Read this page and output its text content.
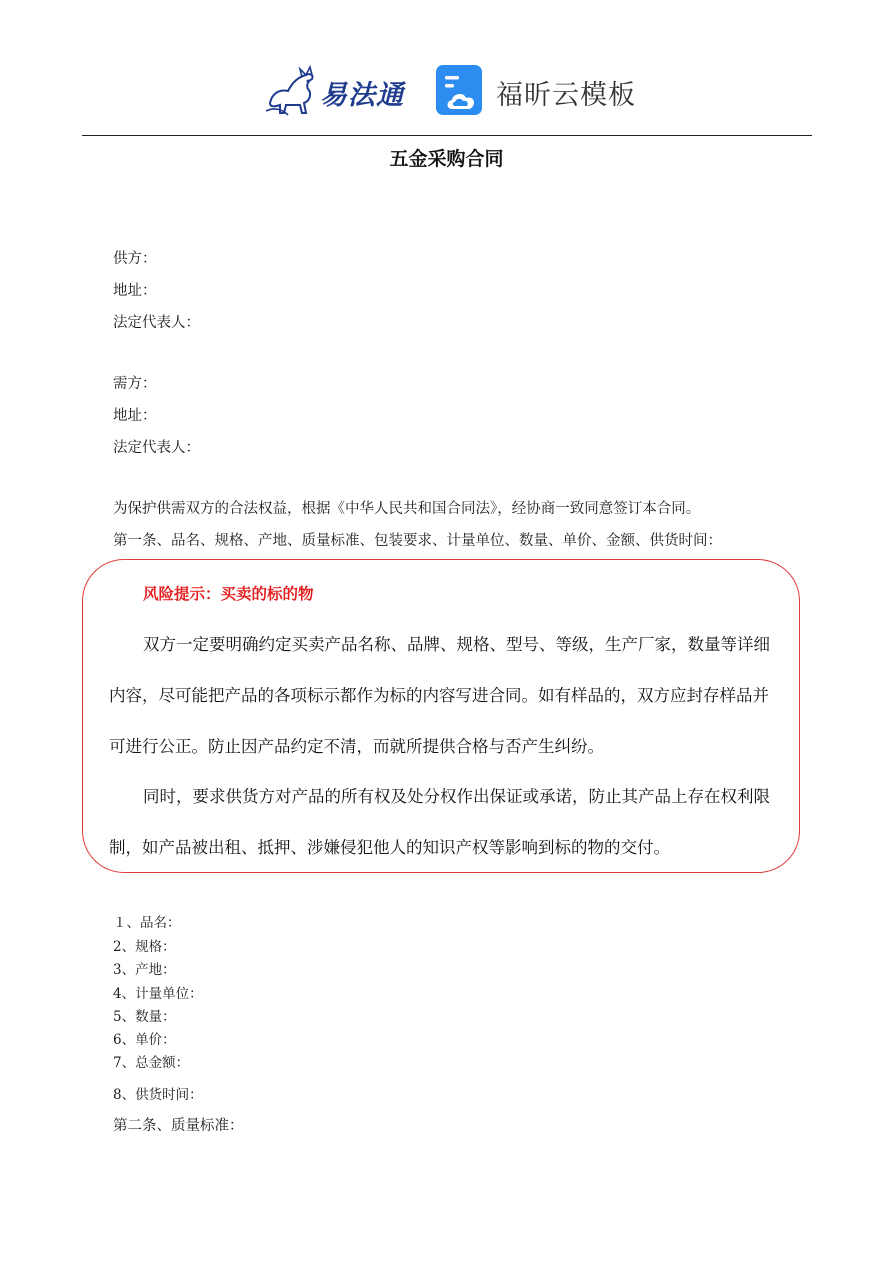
易法通	福昕云模板
五金采购合同
供方：
地址：
法定代表人：
需方：
地址：
法定代表人：
为保护供需双方的合法权益，根据《中华人民共和国合同法》，经协商一致同意签订本合同。
第一条、品名、规格、产地、质量标准、包装要求、计量单位、数量、单价、金额、供货时间：
风险提示：买卖的标的物
双方一定要明确约定买卖产品名称、品牌、规格、型号、等级，生产厂家，数量等详细
内容，尽可能把产品的各项标示都作为标的内容写进合同。如有样品的，双方应封存样品并
可进行公正。防止因产品约定不清，而就所提供合格与否产生纠纷。
同时，要求供货方对产品的所有权及处分权作出保证或承诺，防止其产品上存在权利限
制，如产品被出租、抵押、涉嫌侵犯他人的知识产权等影响到标的物的交付。
１、品名：
2、规格：
3、产地：
4、计量单位：
5、数量：
6、单价：
7、总金额：
8、供货时间：
第二条、质量标准：
